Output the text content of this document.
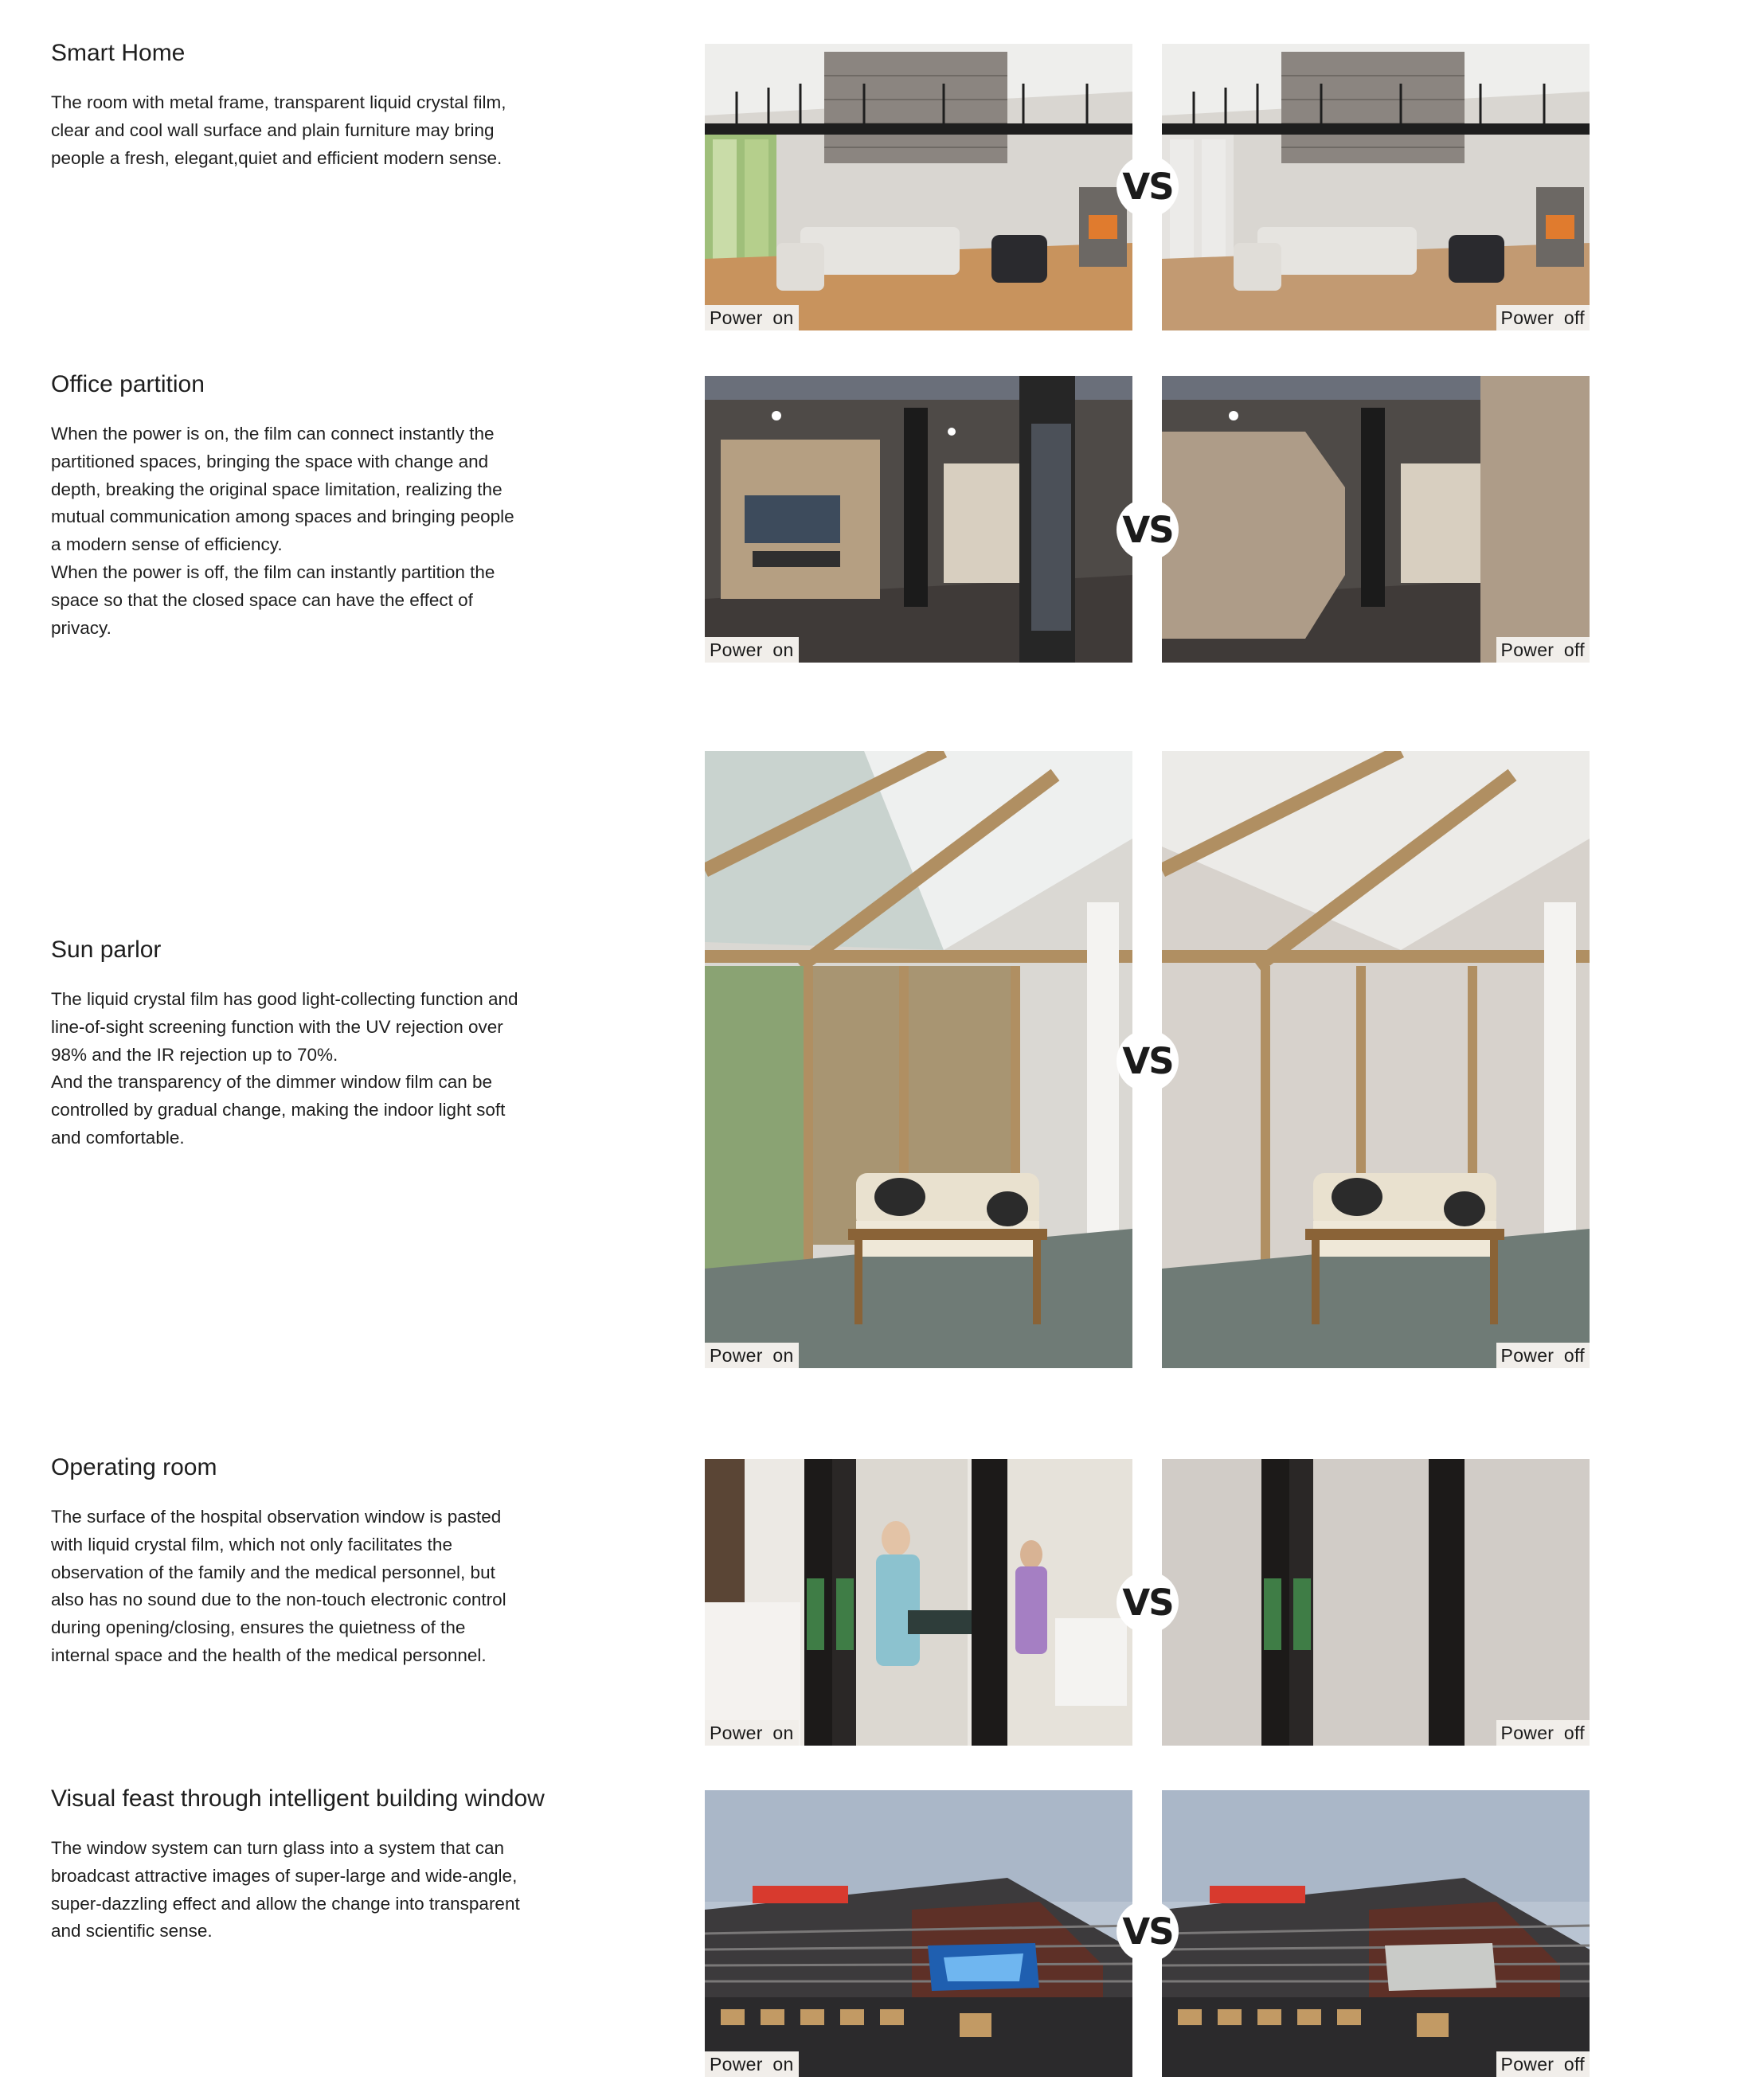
Smart Home

The room with metal frame, transparent liquid crystal film,

clear and cool wall surface and plain furniture may bring

people a fresh, elegant,quiet and efficient modern sense.

Power on	Power off
VS
Office partition

When the power is on, the film can connect instantly the

partitioned spaces, bringing the space with change and

depth, breaking the original space limitation, realizing the

mutual communication among spaces and bringing people

a modern sense of efficiency.

When the power is off, the film can instantly partition the

space so that the closed space can have the effect of

privacy.

Power on	Power off
VS
Sun parlor

The liquid crystal film has good light-collecting function and

line-of-sight screening function with the UV rejection over

98% and the IR rejection up to 70%.

And the transparency of the dimmer window film can be

controlled by gradual change, making the indoor light soft

and comfortable.

Power on	Power off
VS
Operating room

The surface of the hospital observation window is pasted

with liquid crystal film, which not only facilitates the

observation of the family and the medical personnel, but

also has no sound due to the non-touch electronic control

during opening/closing, ensures the quietness of the

internal space and the health of the medical personnel.

Power on	Power off
VS
Visual feast through intelligent building window

The window system can turn glass into a system that can

broadcast attractive images of super-large and wide-angle,

super-dazzling effect and allow the change into transparent

and scientific sense.

Power on	Power off
VS
